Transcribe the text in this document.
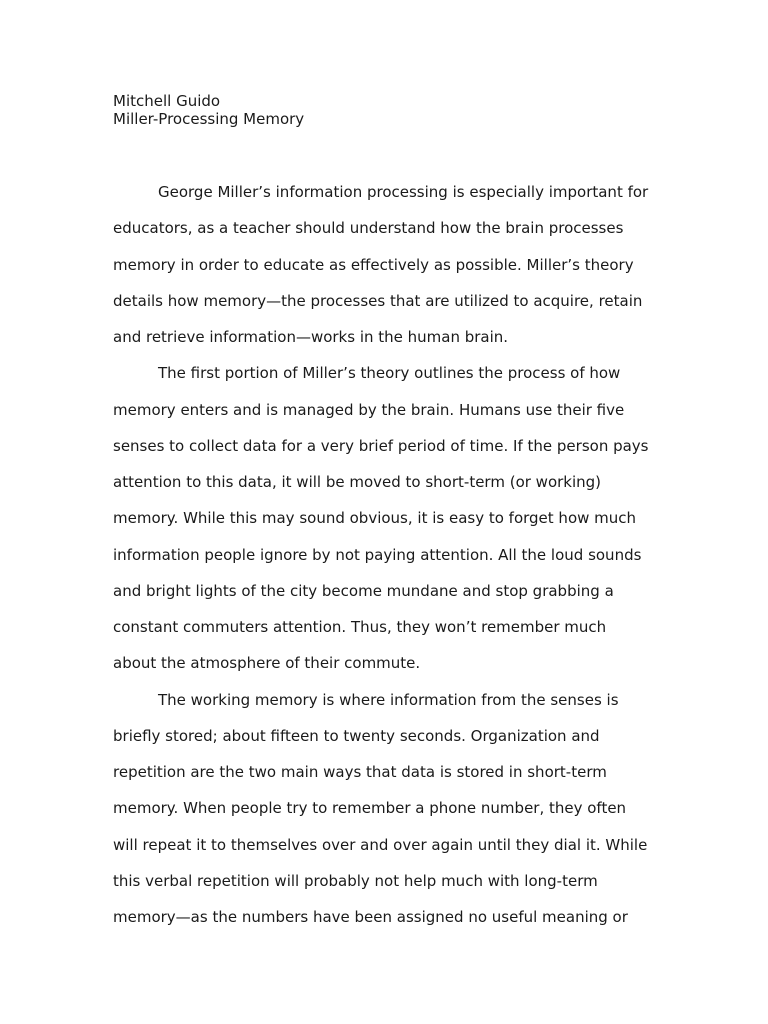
Mitchell Guido
Miller-Processing Memory
George Miller’s information processing is especially important for
educators, as a teacher should understand how the brain processes
memory in order to educate as effectively as possible. Miller’s theory
details how memory—the processes that are utilized to acquire, retain
and retrieve information—works in the human brain.
The first portion of Miller’s theory outlines the process of how
memory enters and is managed by the brain. Humans use their five
senses to collect data for a very brief period of time. If the person pays
attention to this data, it will be moved to short-term (or working)
memory. While this may sound obvious, it is easy to forget how much
information people ignore by not paying attention. All the loud sounds
and bright lights of the city become mundane and stop grabbing a
constant commuters attention. Thus, they won’t remember much
about the atmosphere of their commute.
The working memory is where information from the senses is
briefly stored; about fifteen to twenty seconds. Organization and
repetition are the two main ways that data is stored in short-term
memory. When people try to remember a phone number, they often
will repeat it to themselves over and over again until they dial it. While
this verbal repetition will probably not help much with long-term
memory—as the numbers have been assigned no useful meaning or
